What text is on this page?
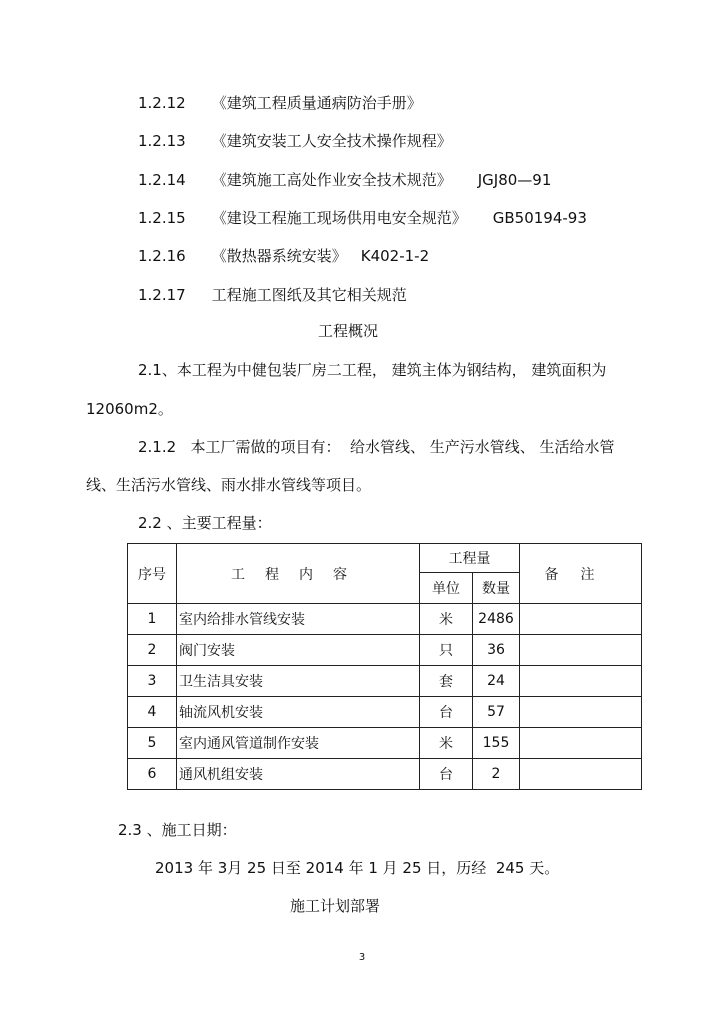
1.2.12 《建筑工程质量通病防治手册》
1.2.13 《建筑安装工人安全技术操作规程》
1.2.14 《建筑施工高处作业安全技术规范》 JGJ80—91
1.2.15 《建设工程施工现场供用电安全规范》 GB50194-93
1.2.16 《散热器系统安装》 K402-1-2
1.2.17 工程施工图纸及其它相关规范
工程概况
2.1、本工程为中健包装厂房二工程， 建筑主体为钢结构， 建筑面积为
12060m2。
2.1.2   本工厂需做的项目有：  给水管线、 生产污水管线、 生活给水管
线、生活污水管线、雨水排水管线等项目。
2.2 、主要工程量：
序号	工程内容	工程量		备注
		单位	数量	
1	室内给排水管线安装	米	2486	
2	阀门安装	只	36	
3	卫生洁具安装	套	24	
4	轴流风机安装	台	57	
5	室内通风管道制作安装	米	155	
6	通风机组安装	台	2	
2.3 、施工日期：
2013 年 3月 25 日至 2014 年 1 月 25 日，历经  245 天。
施工计划部署
3
